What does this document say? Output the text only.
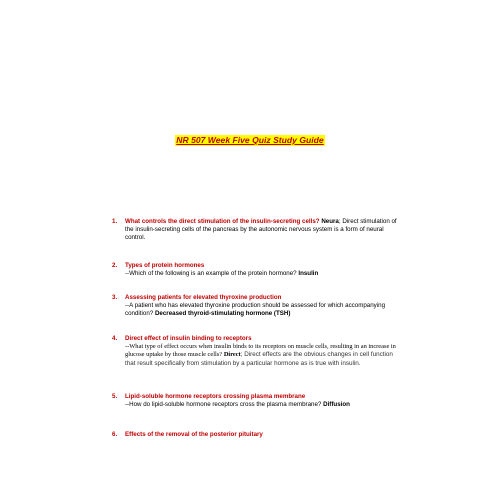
NR 507 Week Five Quiz Study Guide
1. What controls the direct stimulation of the insulin-secreting cells? Neura; Direct stimulation of the insulin-secreting cells of the pancreas by the autonomic nervous system is a form of neural control.
2. Types of protein hormones
--Which of the following is an example of the protein hormone? Insulin
3. Assessing patients for elevated thyroxine production
--A patient who has elevated thyroxine production should be assessed for which accompanying condition? Decreased thyroid-stimulating hormone (TSH)
4. Direct effect of insulin binding to receptors
--What type of effect occurs when insulin binds to its receptors on muscle cells, resulting in an increase in glucose uptake by those muscle cells? Direct; Direct effects are the obvious changes in cell function that result specifically from stimulation by a particular hormone as is true with insulin.
5. Lipid-soluble hormone receptors crossing plasma membrane
--How do lipid-soluble hormone receptors cross the plasma membrane? Diffusion
6. Effects of the removal of the posterior pituitary
